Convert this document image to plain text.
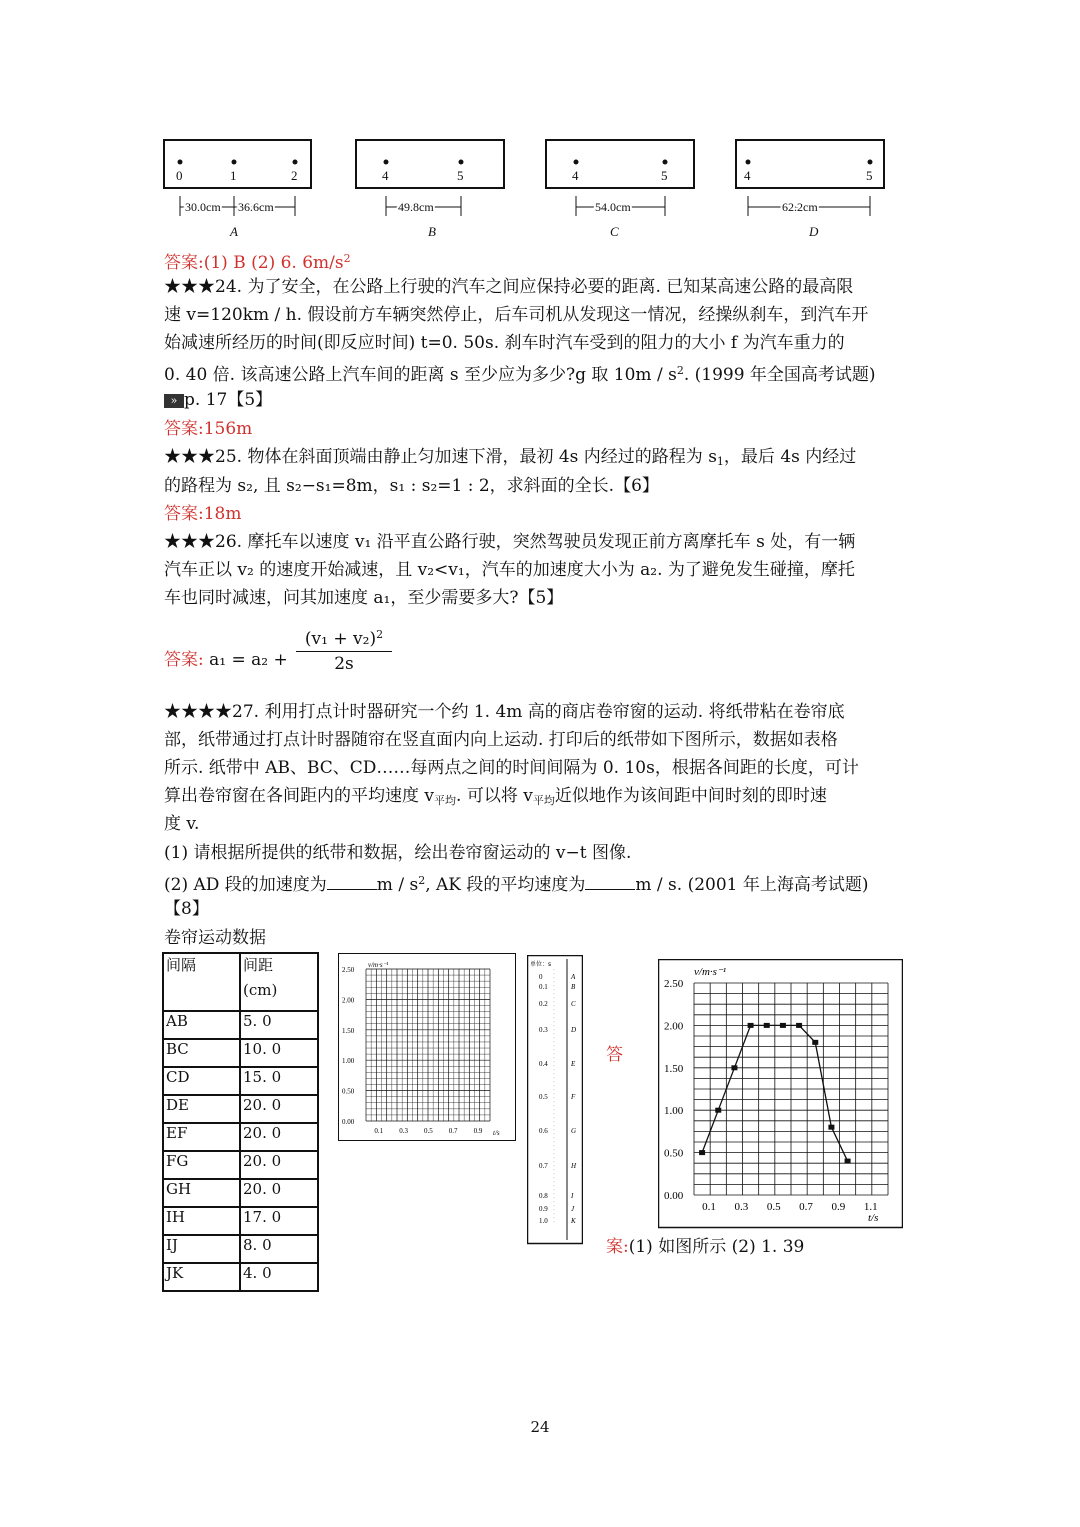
0	1	2
30.0cm 36.6cm
A
4	5
49.8cm
B
4	5
54.0cm
C
4	5
62.2cm
D
答案:(1) B (2) 6. $6m/s^2$
★★★24. 为了安全，在公路上行驶的汽车之间应保持必要的距离. 已知某高速公路的最高限
速 v=120km / h. 假设前方车辆突然停止，后车司机从发现这一情况，经操纵刹车，到汽车开
始减速所经历的时间(即反应时间) t=0. 50s. 刹车时汽车受到的阻力的大小 f 为汽车重力的
0. 40 倍. 该高速公路上汽车间的距离 s 至少应为多少?g 取 $10m / s^2$. (1999 年全国高考试题)
» p. 17【5】
答案:156m
★★★25. 物体在斜面顶端由静止匀加速下滑，最初 4s 内经过的路程为 $s_1$，最后 4s 内经过
的路程为 s₂, 且 s₂−s₁=8m，s₁ : s₂=1 : 2，求斜面的全长.【6】
答案:18m
★★★26. 摩托车以速度 v₁ 沿平直公路行驶，突然驾驶员发现正前方离摩托车 s 处，有一辆
汽车正以 v₂ 的速度开始减速，且 v₂<v₁，汽车的加速度大小为 a₂. 为了避免发生碰撞，摩托
车也同时减速，问其加速度 a₁，至少需要多大?【5】
答案: a₁ = a₂ +
$(v_1 + v_2)^2$
2s
★★★★27. 利用打点计时器研究一个约 1. 4m 高的商店卷帘窗的运动. 将纸带粘在卷帘底
部，纸带通过打点计时器随帘在竖直面内向上运动. 打印后的纸带如下图所示，数据如表格
所示. 纸带中 AB、BC、CD……每两点之间的时间间隔为 0. 10s，根据各间距的长度，可计
算出卷帘窗在各间距内的平均速度 $v_{平均}$. 可以将 $v_{平均}$近似地作为该间距中间时刻的即时速
度 v.
(1) 请根据所提供的纸带和数据，绘出卷帘窗运动的 v−t 图像.
(2) AD 段的加速度为	m / $s^2$, AK 段的平均速度为	m / s. (2001 年上海高考试题)
【8】
卷帘运动数据
间隔	间距
(cm)

AB	5. 0
BC	10. 0
CD	15. 0
DE	20. 0
EF	20. 0
FG	20. 0
GH	20. 0
IH	17. 0
IJ	8. 0
JK	4. 0
v/m·s⁻¹
t/s
2.50
2.00
1.50
1.00
0.50
0.00
0.1 0.3 0.5 0.7 0.9
单位：s
0
0.1
0.2
0.3
0.4
0.5
0.6
0.7
0.8
0.9
1.0
A
B
C
D
E
F
G
H
I
J
K
答
案:(1) 如图所示 (2) 1. 39
2.50
2.00
1.50
1.00
0.50
0.00
0.1 0.3 0.5 0.7 0.9 1.1
v/m·s⁻¹
t/s
24
